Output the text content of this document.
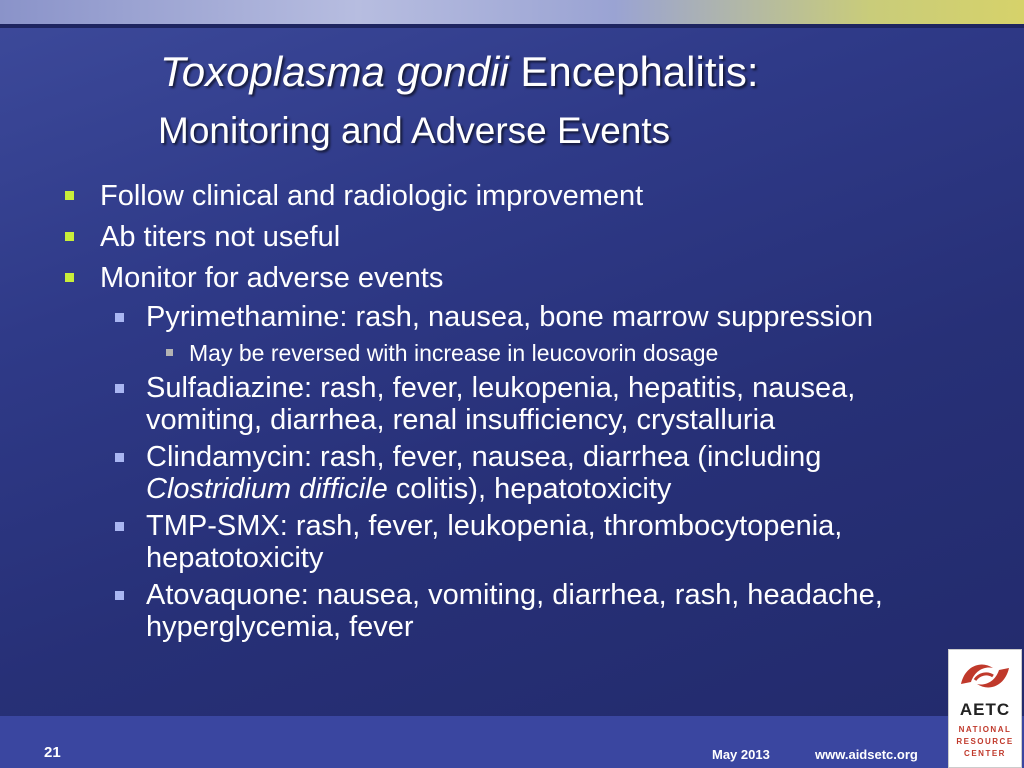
Toxoplasma gondii Encephalitis:
Monitoring and Adverse Events
Follow clinical and radiologic improvement
Ab titers not useful
Monitor for adverse events
Pyrimethamine: rash, nausea, bone marrow suppression
May be reversed with increase in leucovorin dosage
Sulfadiazine: rash, fever, leukopenia, hepatitis, nausea, vomiting, diarrhea, renal insufficiency, crystalluria
Clindamycin: rash, fever, nausea, diarrhea (including Clostridium difficile colitis), hepatotoxicity
TMP-SMX: rash, fever, leukopenia, thrombocytopenia, hepatotoxicity
Atovaquone: nausea, vomiting, diarrhea, rash, headache, hyperglycemia, fever
21	May 2013	www.aidsetc.org
AETC
NATIONAL
RESOURCE
CENTER
